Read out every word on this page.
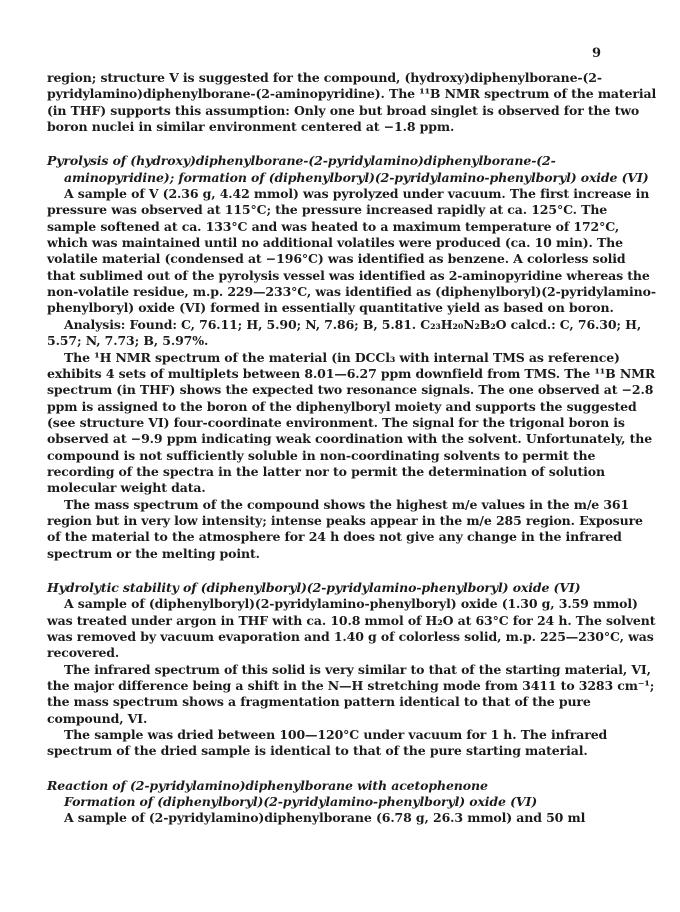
9

region; structure V is suggested for the compound, (hydroxy)diphenylborane-(2-pyridylamino)diphenylborane-(2-aminopyridine). The ¹¹B NMR spectrum of the material (in THF) supports this assumption: Only one but broad singlet is observed for the two boron nuclei in similar environment centered at −1.8 ppm.

Pyrolysis of (hydroxy)diphenylborane-(2-pyridylamino)diphenylborane-(2-aminopyridine); formation of (diphenylboryl)(2-pyridylamino-phenylboryl) oxide (VI)

A sample of V (2.36 g, 4.42 mmol) was pyrolyzed under vacuum. The first increase in pressure was observed at 115°C; the pressure increased rapidly at ca. 125°C. The sample softened at ca. 133°C and was heated to a maximum temperature of 172°C, which was maintained until no additional volatiles were produced (ca. 10 min). The volatile material (condensed at −196°C) was identified as benzene. A colorless solid that sublimed out of the pyrolysis vessel was identified as 2-aminopyridine whereas the non-volatile residue, m.p. 229—233°C, was identified as (diphenylboryl)(2-pyridylamino-phenylboryl) oxide (VI) formed in essentially quantitative yield as based on boron.

Analysis: Found: C, 76.11; H, 5.90; N, 7.86; B, 5.81. C₂₃H₂₀N₂B₂O calcd.: C, 76.30; H, 5.57; N, 7.73; B, 5.97%.

The ¹H NMR spectrum of the material (in DCCl₃ with internal TMS as reference) exhibits 4 sets of multiplets between 8.01—6.27 ppm downfield from TMS. The ¹¹B NMR spectrum (in THF) shows the expected two resonance signals. The one observed at −2.8 ppm is assigned to the boron of the diphenylboryl moiety and supports the suggested (see structure VI) four-coordinate environment. The signal for the trigonal boron is observed at −9.9 ppm indicating weak coordination with the solvent. Unfortunately, the compound is not sufficiently soluble in non-coordinating solvents to permit the recording of the spectra in the latter nor to permit the determination of solution molecular weight data.

The mass spectrum of the compound shows the highest m/e values in the m/e 361 region but in very low intensity; intense peaks appear in the m/e 285 region. Exposure of the material to the atmosphere for 24 h does not give any change in the infrared spectrum or the melting point.

Hydrolytic stability of (diphenylboryl)(2-pyridylamino-phenylboryl) oxide (VI)

A sample of (diphenylboryl)(2-pyridylamino-phenylboryl) oxide (1.30 g, 3.59 mmol) was treated under argon in THF with ca. 10.8 mmol of H₂O at 63°C for 24 h. The solvent was removed by vacuum evaporation and 1.40 g of colorless solid, m.p. 225—230°C, was recovered.

The infrared spectrum of this solid is very similar to that of the starting material, VI, the major difference being a shift in the N—H stretching mode from 3411 to 3283 cm⁻¹; the mass spectrum shows a fragmentation pattern identical to that of the pure compound, VI.

The sample was dried between 100—120°C under vacuum for 1 h. The infrared spectrum of the dried sample is identical to that of the pure starting material.

Reaction of (2-pyridylamino)diphenylborane with acetophenone

Formation of (diphenylboryl)(2-pyridylamino-phenylboryl) oxide (VI)

A sample of (2-pyridylamino)diphenylborane (6.78 g, 26.3 mmol) and 50 ml
